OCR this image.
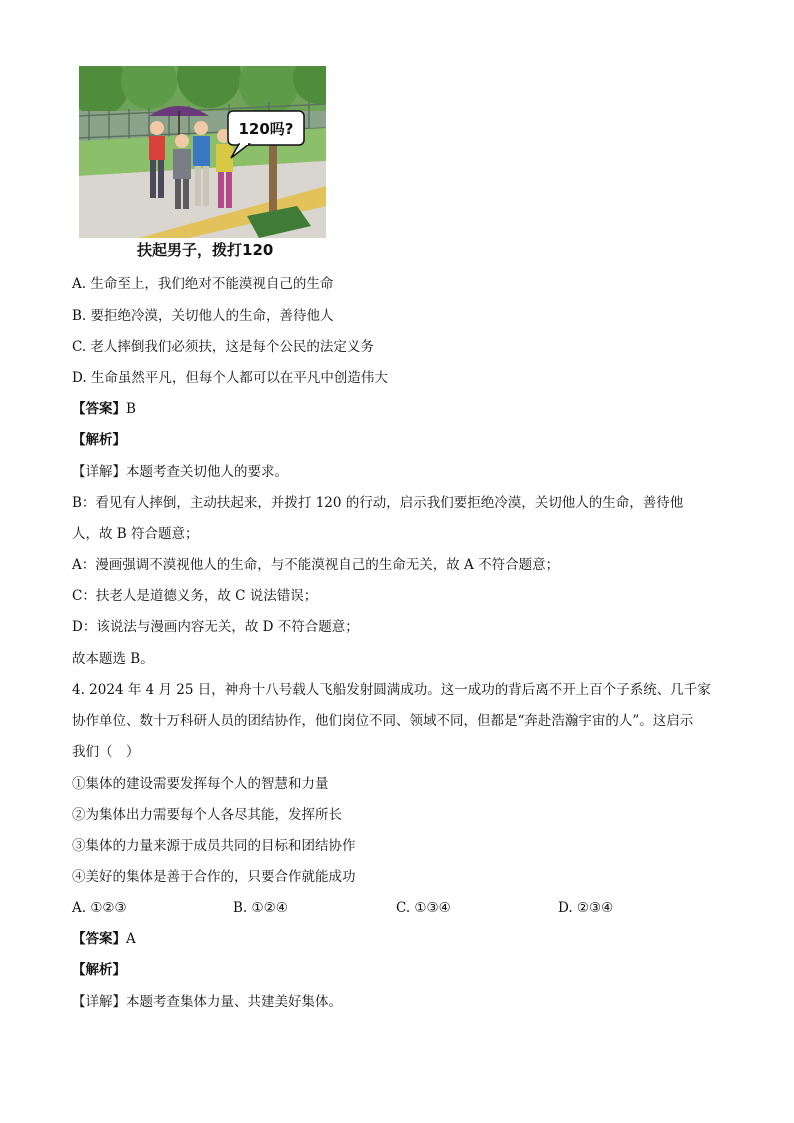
120吗?
扶起男子，拨打120
A. 生命至上，我们绝对不能漠视自己的生命
B. 要拒绝冷漠，关切他人的生命，善待他人
C. 老人摔倒我们必须扶，这是每个公民的法定义务
D. 生命虽然平凡，但每个人都可以在平凡中创造伟大
【答案】B
【解析】
【详解】本题考查关切他人的要求。
B：看见有人摔倒，主动扶起来，并拨打 120 的行动，启示我们要拒绝冷漠，关切他人的生命，善待他
人，故 B 符合题意；
A：漫画强调不漠视他人的生命，与不能漠视自己的生命无关，故 A 不符合题意；
C：扶老人是道德义务，故 C 说法错误；
D：该说法与漫画内容无关，故 D 不符合题意；
故本题选 B。
4. 2024 年 4 月 25 日，神舟十八号载人飞船发射圆满成功。这一成功的背后离不开上百个子系统、几千家
协作单位、数十万科研人员的团结协作，他们岗位不同、领域不同，但都是“奔赴浩瀚宇宙的人”。这启示
我们（　）
①集体的建设需要发挥每个人的智慧和力量
②为集体出力需要每个人各尽其能，发挥所长
③集体的力量来源于成员共同的目标和团结协作
④美好的集体是善于合作的，只要合作就能成功
A. ①②③	B. ①②④	C. ①③④	D. ②③④
【答案】A
【解析】
【详解】本题考查集体力量、共建美好集体。
